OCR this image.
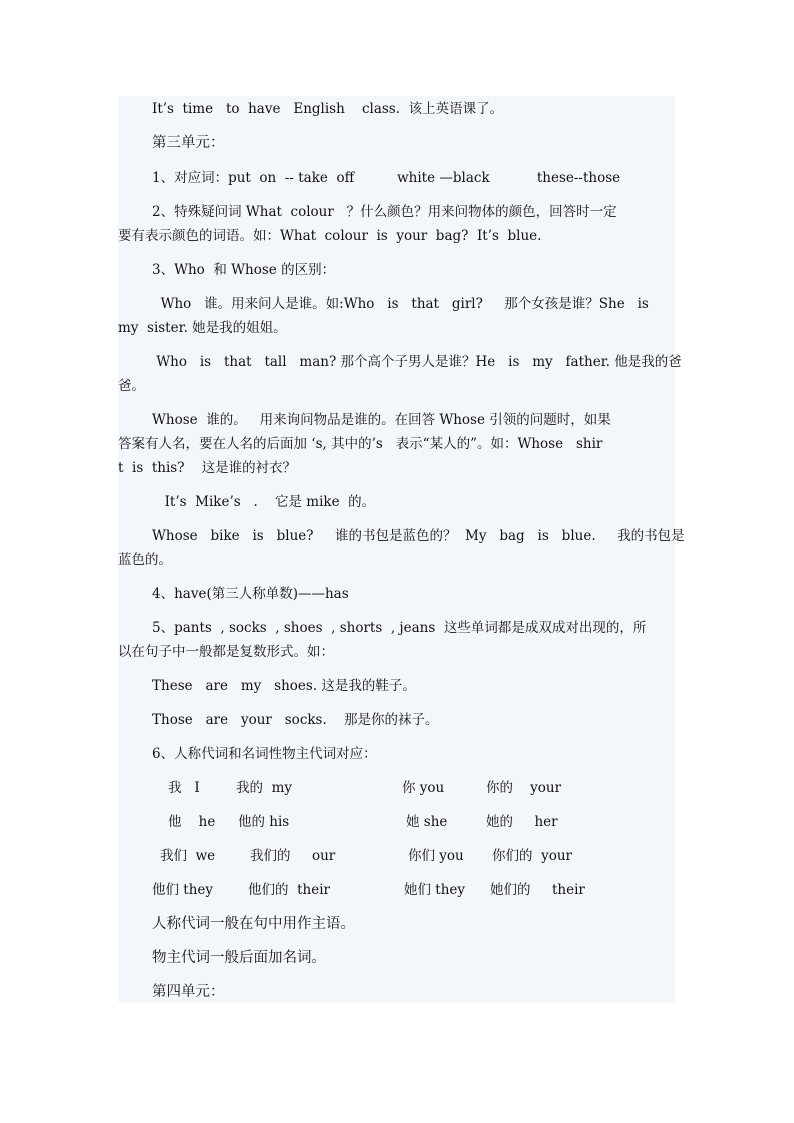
It’s  time   to  have   English    class.  该上英语课了。
第三单元：
1、对应词：put  on  -- take  off          white —black           these--those
2、特殊疑问词 What  colour   ？什么颜色？用来问物体的颜色，回答时一定
要有表示颜色的词语。如：What  colour  is  your  bag?  It’s  blue.
3、Who  和 Whose 的区别：
Who   谁。用来问人是谁。如:Who   is   that   girl?     那个女孩是谁？She   is
my  sister. 她是我的姐姐。
Who   is   that   tall   man? 那个高个子男人是谁？He   is   my   father. 他是我的爸
爸。
Whose  谁的。   用来询问物品是谁的。在回答 Whose 引领的问题时，如果
答案有人名，要在人名的后面加 ‘s, 其中的’s   表示“某人的”。如：Whose   shir
t  is  this?    这是谁的衬衣？
It’s  Mike’s   .    它是 mike  的。
Whose   bike   is   blue?     谁的书包是蓝色的？  My   bag   is   blue.     我的书包是
蓝色的。
4、have(第三人称单数)——has
5、pants  , socks  , shoes  , shorts  , jeans  这些单词都是成双成对出现的，所
以在句子中一般都是复数形式。如：
These   are   my   shoes. 这是我的鞋子。
Those   are   your   socks.    那是你的袜子。
6、人称代词和名词性物主代词对应：
我   I	我的  my	你 you	你的    your
他    he 他的 his	她 she	她的     her
我们  we	我们的     our	你们 you 你们的  your
他们 they	他们的  their	她们 they 她们的     their
人称代词一般在句中用作主语。
物主代词一般后面加名词。
第四单元：
